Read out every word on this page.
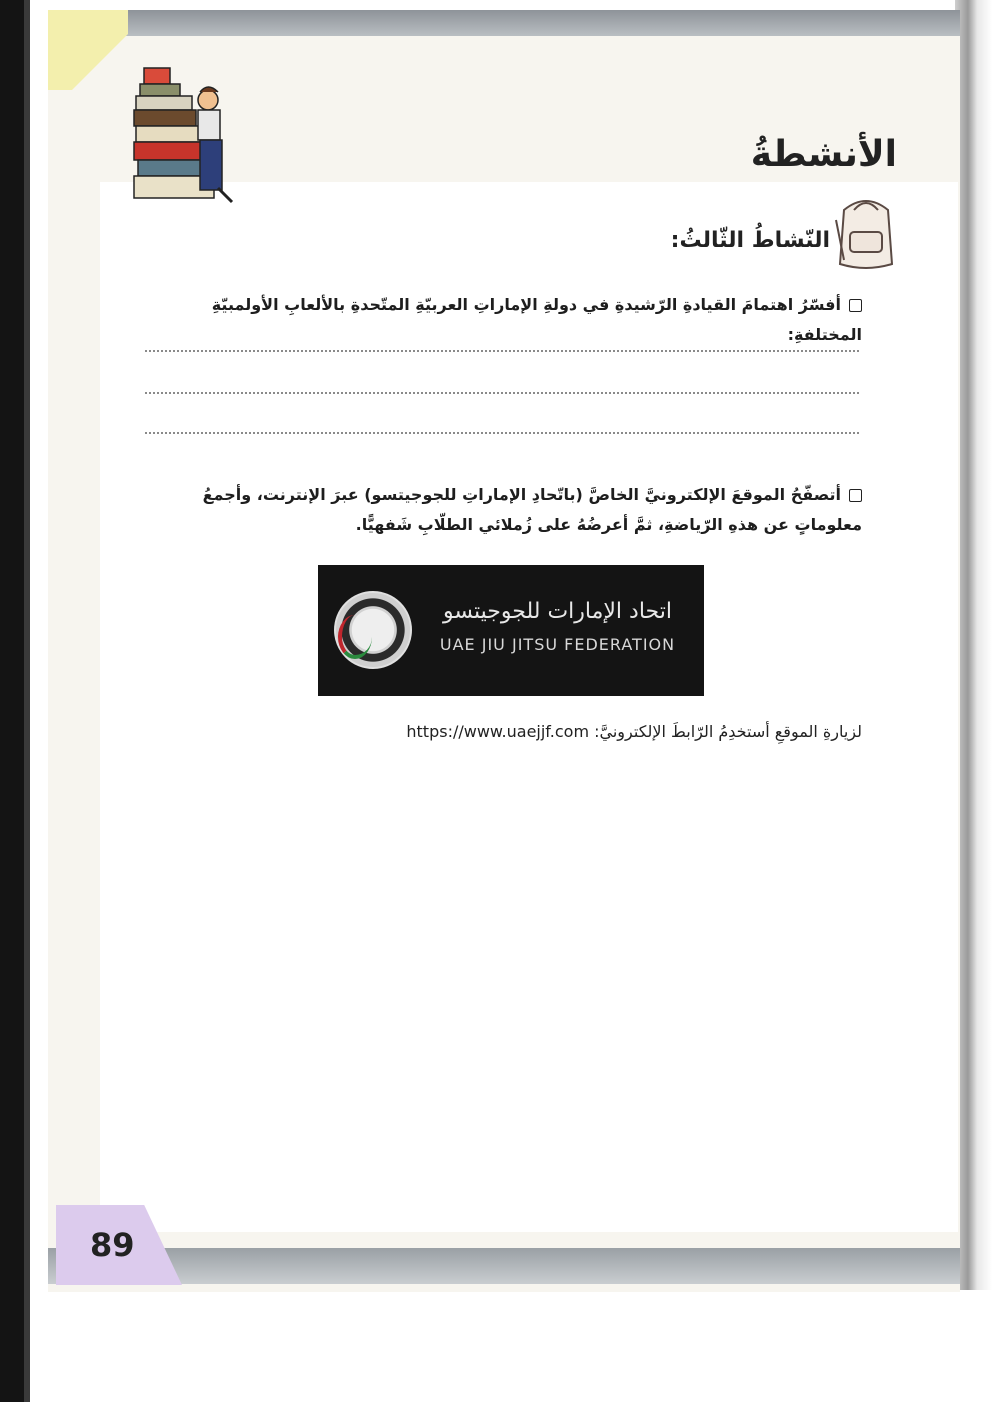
الأنشطةُ
النّشاطُ الثّالثُ:
أفسّرُ اهتمامَ القيادةِ الرّشيدةِ في دولةِ الإماراتِ العربيّةِ المتّحدةِ بالألعابِ الأولمبيّةِ المختلفةِ:
أتصفّحُ الموقعَ الإلكترونيَّ الخاصَّ (باتّحادِ الإماراتِ للجوجيتسو) عبرَ الإنترنت، وأجمعُ معلوماتٍ عن هذهِ الرّياضةِ، ثمَّ أعرضُهُ على زُملائي الطلّابِ شَفهيًّا.
اتحاد الإمارات للجوجيتسو
UAE JIU JITSU FEDERATION
لزيارةِ الموقعِ أستخدِمُ الرّابطَ الإلكترونيَّ: https://www.uaejjf.com
89
